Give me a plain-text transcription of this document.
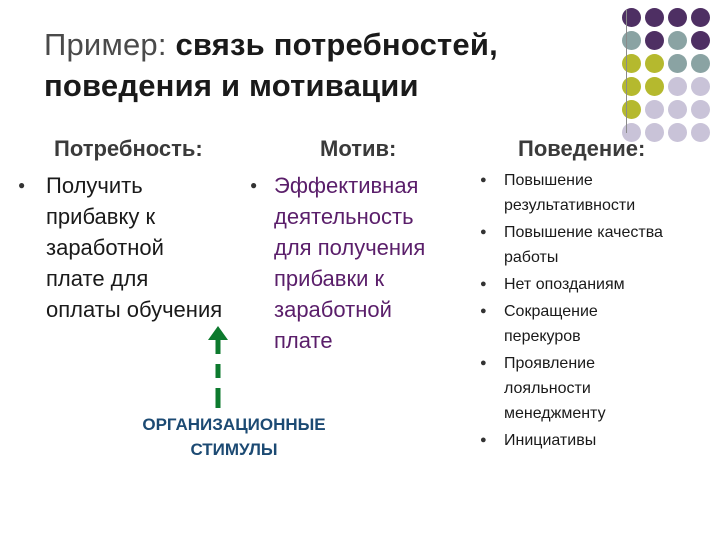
Пример: связь потребностей,
поведения и мотивации
Потребность:	Мотив:	Поведение:
● Получить
прибавку к
заработной
плате для
оплаты обучения
● Эффективная
деятельность
для получения
прибавки к
заработной
плате
● Повышение
результативности
● Повышение качества
работы
● Нет опозданиям
● Сокращение
перекуров
● Проявление
лояльности
менеджменту
● Инициативы
ОРГАНИЗАЦИОННЫЕ
СТИМУЛЫ
